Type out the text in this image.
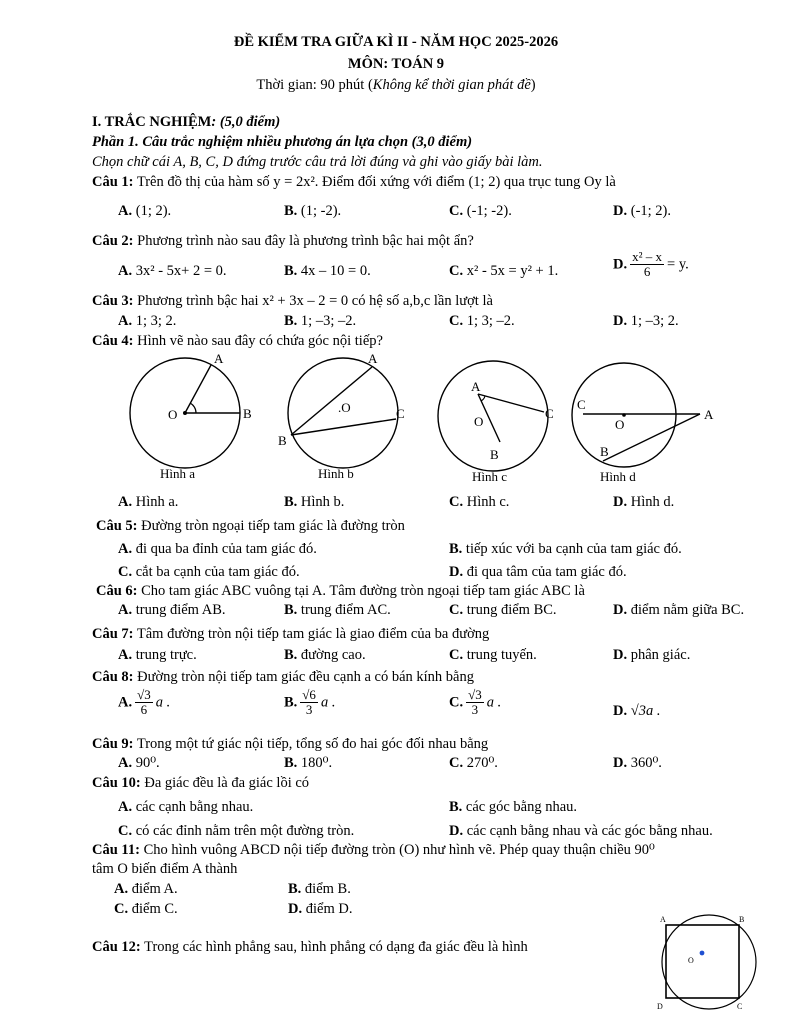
ĐỀ KIỂM TRA GIỮA KÌ II - NĂM HỌC 2025-2026
MÔN: TOÁN 9
Thời gian: 90 phút (Không kể thời gian phát đề)
I. TRẮC NGHIỆM: (5,0 điểm)
Phần 1. Câu trắc nghiệm nhiều phương án lựa chọn (3,0 điểm)
Chọn chữ cái A, B, C, D đứng trước câu trả lời đúng và ghi vào giấy bài làm.
Câu 1: Trên đồ thị của hàm số y = 2x². Điểm đối xứng với điểm (1; 2) qua trục tung Oy là
A. (1; 2).	B. (1; -2).	C. (-1; -2).	D. (-1; 2).
Câu 2: Phương trình nào sau đây là phương trình bậc hai một ẩn?
A. 3x² - 5x+ 2 = 0.	B. 4x – 10 = 0.	C. x² - 5x = y² + 1.	D. $\frac{\text{x² – x}}{6} = y$.
Câu 3: Phương trình bậc hai x² + 3x – 2 = 0 có hệ số a,b,c lần lượt là
A. 1; 3; 2.	B. 1; –3; –2.	C. 1; 3; –2.	D. 1; –3; 2.
Câu 4: Hình vẽ nào sau đây có chứa góc nội tiếp?
A
B
O
Hình a
A
B
C
.O
Hình b
A
C
B
O
Hình c
C
A
B
O
Hình d
A. Hình a.	B. Hình b.	C. Hình c.	D. Hình d.
Câu 5: Đường tròn ngoại tiếp tam giác là đường tròn
A. đi qua ba đỉnh của tam giác đó.	B. tiếp xúc với ba cạnh của tam giác đó.
C. cắt ba cạnh của tam giác đó.	D. đi qua tâm của tam giác đó.
Câu 6: Cho tam giác ABC vuông tại A. Tâm đường tròn ngoại tiếp tam giác ABC là
A. trung điểm AB.	B. trung điểm AC.	C. trung điểm BC.	D. điểm nằm giữa BC.
Câu 7: Tâm đường tròn nội tiếp tam giác là giao điểm của ba đường
A. trung trực.	B. đường cao.	C. trung tuyến.	D. phân giác.
Câu 8: Đường tròn nội tiếp tam giác đều cạnh a có bán kính bằng
A. $\frac{√3}{6}$ a .	B. $\frac{√6}{3}$ a .	C. $\frac{√3}{3}$ a .
D. √3a .
Câu 9: Trong một tứ giác nội tiếp, tổng số đo hai góc đối nhau bằng
A. 90⁰.	B. 180⁰.	C. 270⁰.	D. 360⁰.
Câu 10: Đa giác đều là đa giác lồi có
A. các cạnh bằng nhau.	B. các góc bằng nhau.
C. có các đỉnh nằm trên một đường tròn.	D. các cạnh bằng nhau và các góc bằng nhau.
Câu 11: Cho hình vuông ABCD nội tiếp đường tròn (O) như hình vẽ. Phép quay thuận chiều 90⁰
tâm O biến điểm A thành
A. điểm A.	B. điểm B.
C. điểm C.	D. điểm D.
Câu 12: Trong các hình phẳng sau, hình phẳng có dạng đa giác đều là hình
A	B
C
D
O
